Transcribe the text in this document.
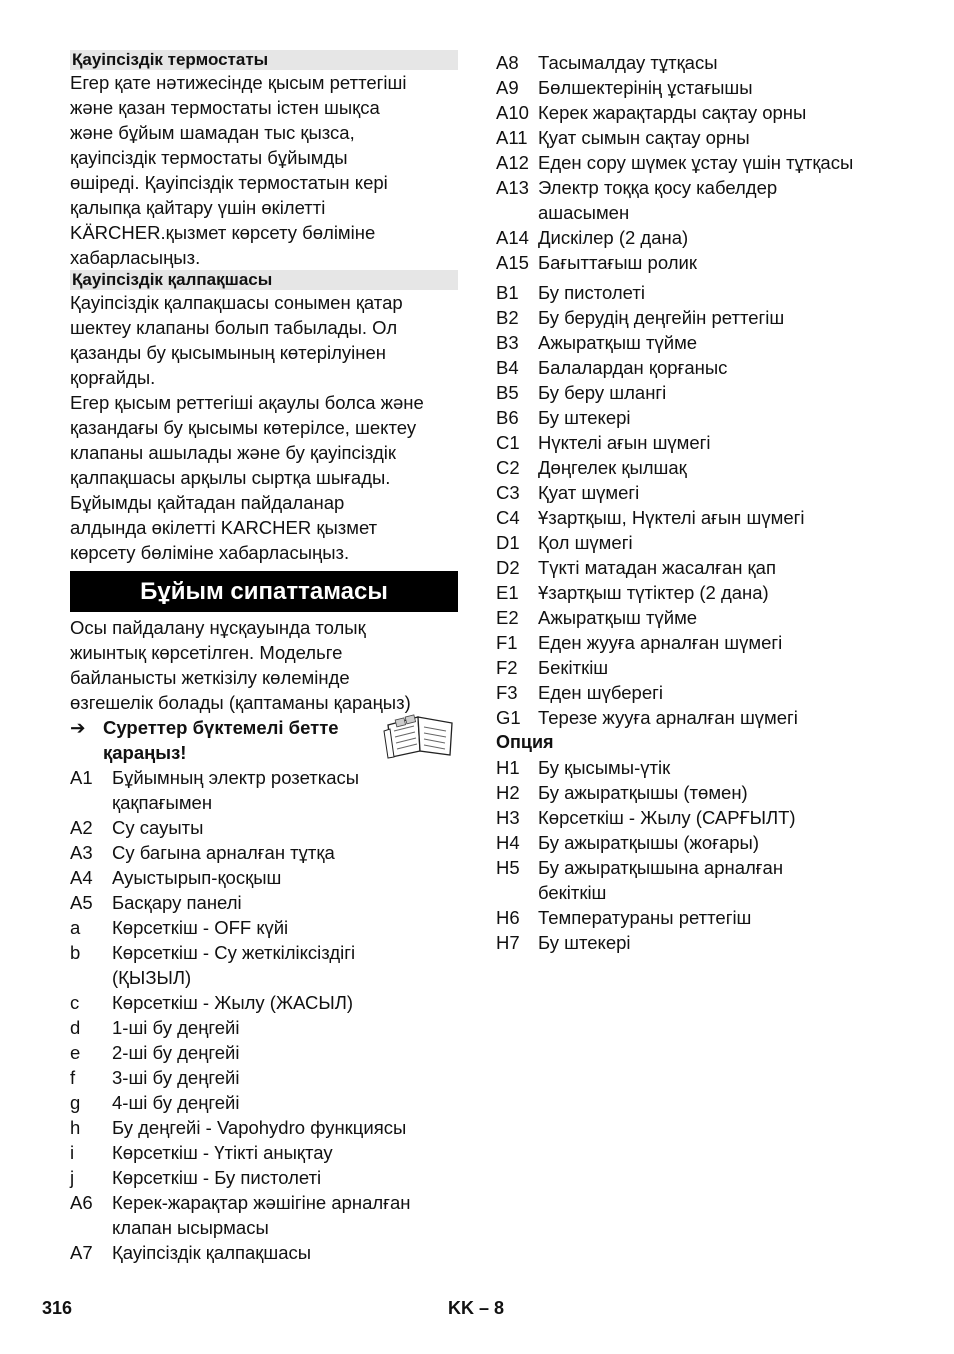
Қауіпсіздік термостаты
Егер қате нәтижесінде қысым реттегіші
және қазан термостаты істен шықса
және бұйым шамадан тыс қызса,
қауіпсіздік термостаты бұйымды
өшіреді. Қауіпсіздік термостатын кері
қалыпқа қайтару үшін өкілетті
KÄRCHER.қызмет көрсету бөліміне
хабарласыңыз.
Қауіпсіздік қалпақшасы
Қауіпсіздік қалпақшасы сонымен қатар
шектеу клапаны болып табылады. Ол
қазанды бу қысымының көтерілуінен
қорғайды.
Егер қысым реттегіші ақаулы болса және
қазандағы бу қысымы көтерілсе, шектеу
клапаны ашылады және бу қауіпсіздік
қалпақшасы арқылы сыртқа шығады.
Бұйымды қайтадан пайдаланар
алдында өкілетті KARCHER қызмет
көрсету бөліміне хабарласыңыз.
Бұйым сипаттамасы
Осы пайдалану нұсқауында толық
жиынтық көрсетілген. Модельге
байланысты жеткізілу көлемінде
өзгешелік болады (қаптаманы қараңыз)
➔ Суреттер бүктемелі бетте
қараңыз!
A1	Бұйымның электр розеткасы
қақпағымен
A2	Су сауыты
A3	Су багына арналған тұтқа
A4	Ауыстырып-қосқыш
A5	Басқару панелі
a	Көрсеткіш - OFF күйі
b	Көрсеткіш - Су жеткіліксіздігі
(ҚЫЗЫЛ)
c	Көрсеткіш - Жылу (ЖАСЫЛ)
d	1-ші бу деңгейі
e	2-ші бу деңгейі
f	3-ші бу деңгейі
g	4-ші бу деңгейі
h	Бу деңгейі - Vapohydro функциясы
i	Көрсеткіш - Үтікті анықтау
j	Көрсеткіш - Бу пистолеті
A6	Керек-жарақтар жәшігіне арналған
клапан ысырмасы
A7	Қауіпсіздік қалпақшасы
A8	Тасымалдау тұтқасы
A9	Бөлшектерінің ұстағышы
A10 Керек жарақтарды сақтау орны
A11 Қуат сымын сақтау орны
A12 Еден сору шүмек ұстау үшін тұтқасы
A13 Электр тоққа қосу кабелдер
ашасымен
A14 Дискілер (2 дана)
A15 Бағыттағыш ролик
B1	Бу пистолеті
B2	Бу берудің деңгейін реттегіш
B3	Ажыратқыш түйме
B4	Балалардан қорғаныс
B5	Бу беру шлангі
B6	Бу штекері
C1 Нүктелі ағын шүмегі
C2 Дөңгелек қылшақ
C3 Қуат шүмегі
C4 Ұзартқыш, Нүктелі ағын шүмегі
D1 Қол шүмегі
D2 Түкті матадан жасалған қап
E1	Ұзартқыш түтіктер (2 дана)
E2	Ажыратқыш түйме
F1	Еден жууға арналған шүмегі
F2	Бекіткіш
F3	Еден шүберегі
G1 Терезе жууға арналған шүмегі
Опция
H1 Бу қысымы-үтік
H2 Бу ажыратқышы (төмен)
H3 Көрсеткіш - Жылу (САРҒЫЛТ)
H4 Бу ажыратқышы (жоғары)
H5 Бу ажыратқышына арналған
бекіткіш
H6 Температураны реттегіш
H7 Бу штекері
316	KK – 8
